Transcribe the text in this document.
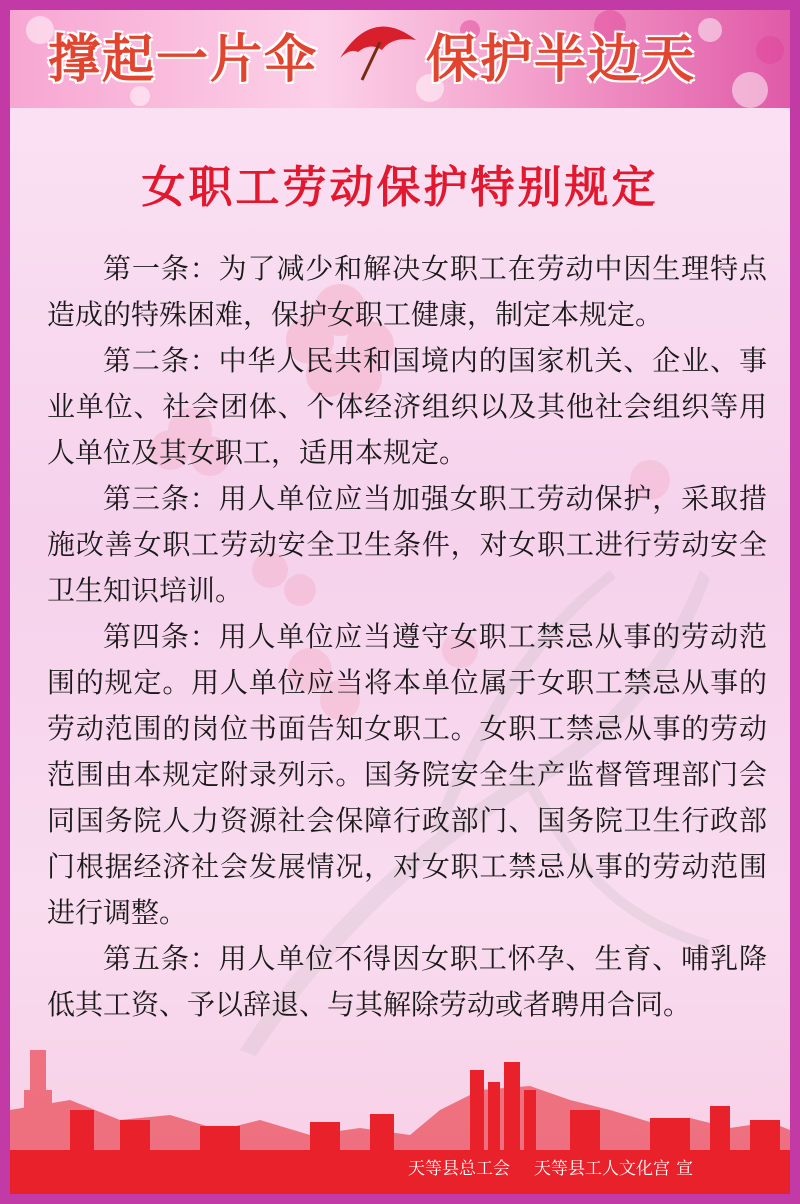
撑起一片伞 保护半边天
女职工劳动保护特别规定

第一条：为了减少和解决女职工在劳动中因生理特点造成的特殊困难，保护女职工健康，制定本规定。

第二条：中华人民共和国境内的国家机关、企业、事业单位、社会团体、个体经济组织以及其他社会组织等用人单位及其女职工，适用本规定。

第三条：用人单位应当加强女职工劳动保护，采取措施改善女职工劳动安全卫生条件，对女职工进行劳动安全卫生知识培训。

第四条：用人单位应当遵守女职工禁忌从事的劳动范围的规定。用人单位应当将本单位属于女职工禁忌从事的劳动范围的岗位书面告知女职工。女职工禁忌从事的劳动范围由本规定附录列示。国务院安全生产监督管理部门会同国务院人力资源社会保障行政部门、国务院卫生行政部门根据经济社会发展情况，对女职工禁忌从事的劳动范围进行调整。

第五条：用人单位不得因女职工怀孕、生育、哺乳降低其工资、予以辞退、与其解除劳动或者聘用合同。

天等县总工会 天等县工人文化宫 宣
